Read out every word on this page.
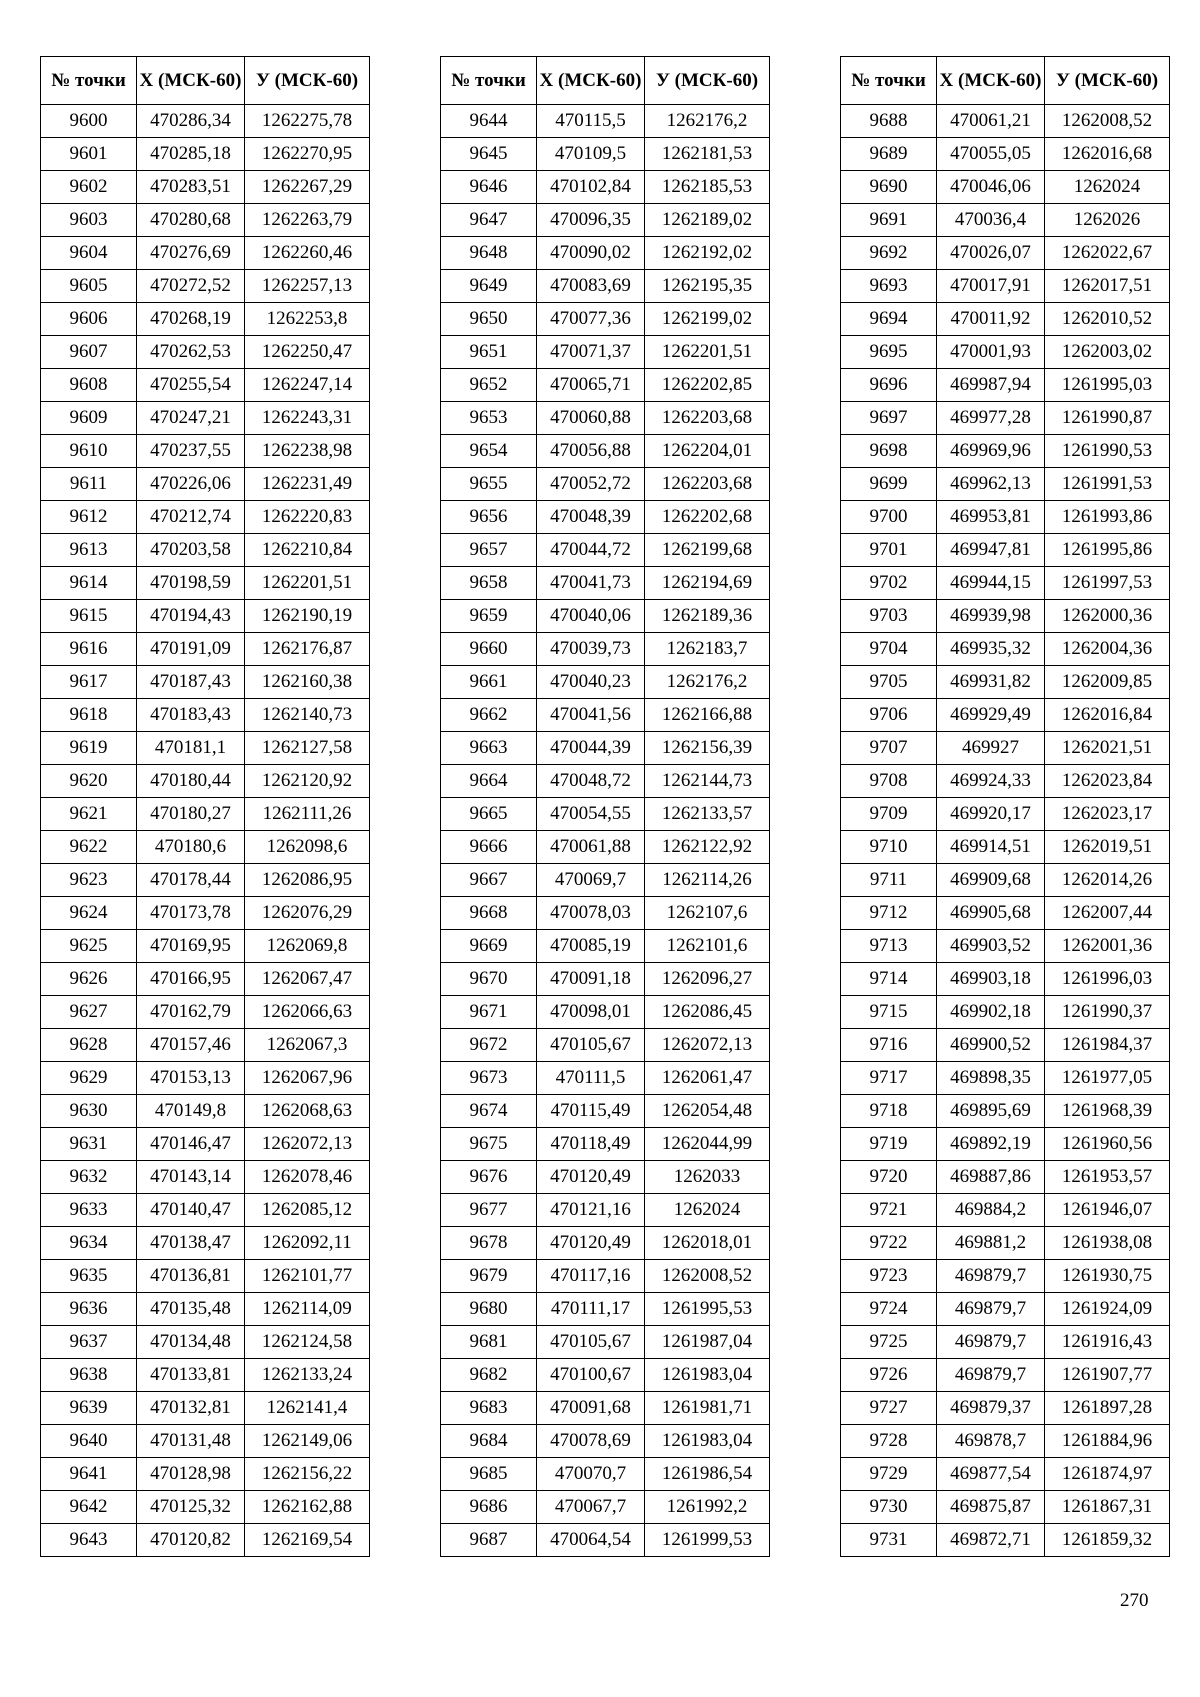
№ точки	Х (МСК-60)	У (МСК-60)
9600	470286,34	1262275,78
9601	470285,18	1262270,95
9602	470283,51	1262267,29
9603	470280,68	1262263,79
9604	470276,69	1262260,46
9605	470272,52	1262257,13
9606	470268,19	1262253,8
9607	470262,53	1262250,47
9608	470255,54	1262247,14
9609	470247,21	1262243,31
9610	470237,55	1262238,98
9611	470226,06	1262231,49
9612	470212,74	1262220,83
9613	470203,58	1262210,84
9614	470198,59	1262201,51
9615	470194,43	1262190,19
9616	470191,09	1262176,87
9617	470187,43	1262160,38
9618	470183,43	1262140,73
9619	470181,1	1262127,58
9620	470180,44	1262120,92
9621	470180,27	1262111,26
9622	470180,6	1262098,6
9623	470178,44	1262086,95
9624	470173,78	1262076,29
9625	470169,95	1262069,8
9626	470166,95	1262067,47
9627	470162,79	1262066,63
9628	470157,46	1262067,3
9629	470153,13	1262067,96
9630	470149,8	1262068,63
9631	470146,47	1262072,13
9632	470143,14	1262078,46
9633	470140,47	1262085,12
9634	470138,47	1262092,11
9635	470136,81	1262101,77
9636	470135,48	1262114,09
9637	470134,48	1262124,58
9638	470133,81	1262133,24
9639	470132,81	1262141,4
9640	470131,48	1262149,06
9641	470128,98	1262156,22
9642	470125,32	1262162,88
9643	470120,82	1262169,54
№ точки	Х (МСК-60)	У (МСК-60)
9644	470115,5	1262176,2
9645	470109,5	1262181,53
9646	470102,84	1262185,53
9647	470096,35	1262189,02
9648	470090,02	1262192,02
9649	470083,69	1262195,35
9650	470077,36	1262199,02
9651	470071,37	1262201,51
9652	470065,71	1262202,85
9653	470060,88	1262203,68
9654	470056,88	1262204,01
9655	470052,72	1262203,68
9656	470048,39	1262202,68
9657	470044,72	1262199,68
9658	470041,73	1262194,69
9659	470040,06	1262189,36
9660	470039,73	1262183,7
9661	470040,23	1262176,2
9662	470041,56	1262166,88
9663	470044,39	1262156,39
9664	470048,72	1262144,73
9665	470054,55	1262133,57
9666	470061,88	1262122,92
9667	470069,7	1262114,26
9668	470078,03	1262107,6
9669	470085,19	1262101,6
9670	470091,18	1262096,27
9671	470098,01	1262086,45
9672	470105,67	1262072,13
9673	470111,5	1262061,47
9674	470115,49	1262054,48
9675	470118,49	1262044,99
9676	470120,49	1262033
9677	470121,16	1262024
9678	470120,49	1262018,01
9679	470117,16	1262008,52
9680	470111,17	1261995,53
9681	470105,67	1261987,04
9682	470100,67	1261983,04
9683	470091,68	1261981,71
9684	470078,69	1261983,04
9685	470070,7	1261986,54
9686	470067,7	1261992,2
9687	470064,54	1261999,53
№ точки	Х (МСК-60)	У (МСК-60)
9688	470061,21	1262008,52
9689	470055,05	1262016,68
9690	470046,06	1262024
9691	470036,4	1262026
9692	470026,07	1262022,67
9693	470017,91	1262017,51
9694	470011,92	1262010,52
9695	470001,93	1262003,02
9696	469987,94	1261995,03
9697	469977,28	1261990,87
9698	469969,96	1261990,53
9699	469962,13	1261991,53
9700	469953,81	1261993,86
9701	469947,81	1261995,86
9702	469944,15	1261997,53
9703	469939,98	1262000,36
9704	469935,32	1262004,36
9705	469931,82	1262009,85
9706	469929,49	1262016,84
9707	469927	1262021,51
9708	469924,33	1262023,84
9709	469920,17	1262023,17
9710	469914,51	1262019,51
9711	469909,68	1262014,26
9712	469905,68	1262007,44
9713	469903,52	1262001,36
9714	469903,18	1261996,03
9715	469902,18	1261990,37
9716	469900,52	1261984,37
9717	469898,35	1261977,05
9718	469895,69	1261968,39
9719	469892,19	1261960,56
9720	469887,86	1261953,57
9721	469884,2	1261946,07
9722	469881,2	1261938,08
9723	469879,7	1261930,75
9724	469879,7	1261924,09
9725	469879,7	1261916,43
9726	469879,7	1261907,77
9727	469879,37	1261897,28
9728	469878,7	1261884,96
9729	469877,54	1261874,97
9730	469875,87	1261867,31
9731	469872,71	1261859,32
270
